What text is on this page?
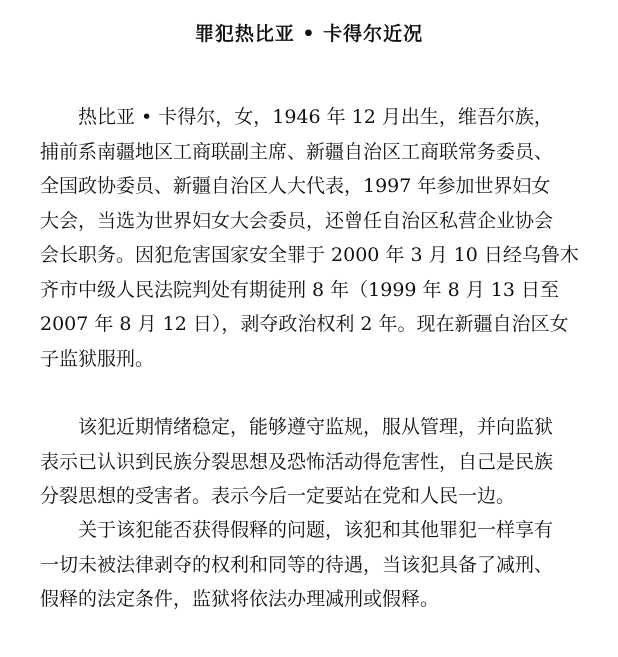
罪犯热比亚 • 卡得尔近况
热比亚 • 卡得尔，女，1946 年 12 月出生，维吾尔族，
捕前系南疆地区工商联副主席、新疆自治区工商联常务委员、
全国政协委员、新疆自治区人大代表，1997 年参加世界妇女
大会，当选为世界妇女大会委员，还曾任自治区私营企业协会
会长职务。因犯危害国家安全罪于 2000 年 3 月 10 日经乌鲁木
齐市中级人民法院判处有期徒刑 8 年（1999 年 8 月 13 日至
2007 年 8 月 12 日），剥夺政治权利 2 年。现在新疆自治区女
子监狱服刑。
该犯近期情绪稳定，能够遵守监规，服从管理，并向监狱
表示已认识到民族分裂思想及恐怖活动得危害性，自己是民族
分裂思想的受害者。表示今后一定要站在党和人民一边。
关于该犯能否获得假释的问题，该犯和其他罪犯一样享有
一切未被法律剥夺的权利和同等的待遇，当该犯具备了减刑、
假释的法定条件，监狱将依法办理减刑或假释。
